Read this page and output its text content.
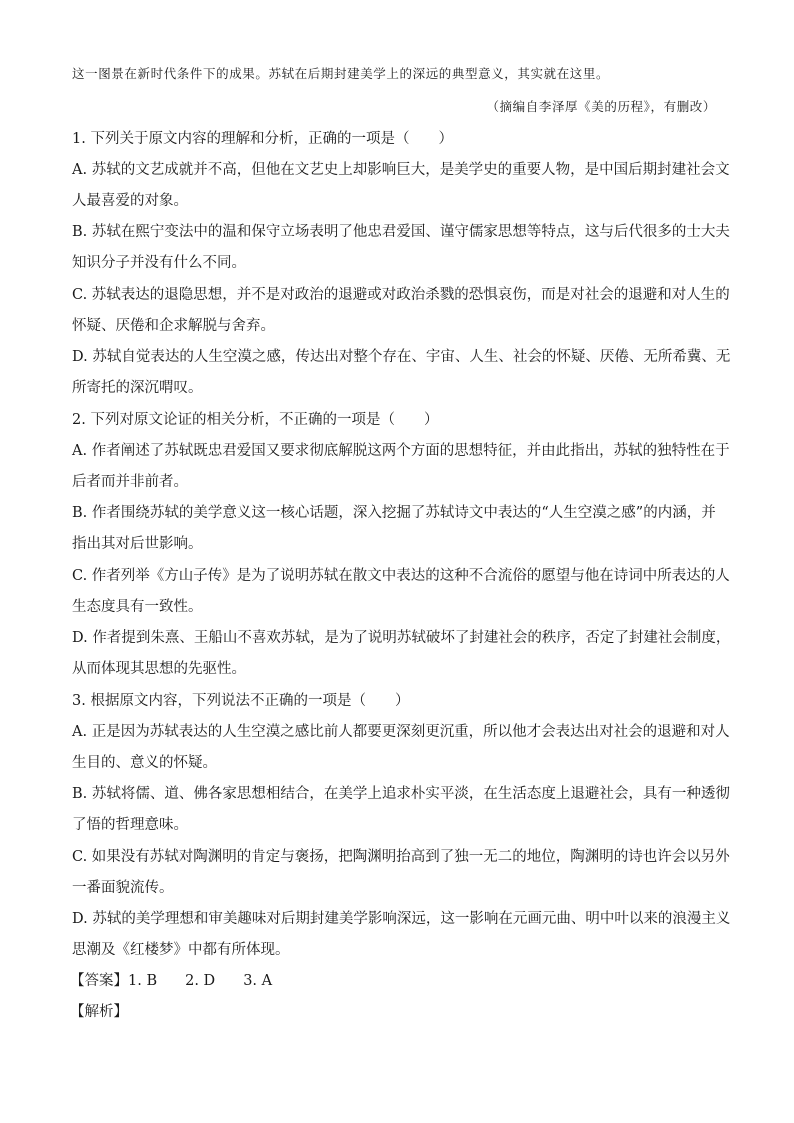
这一图景在新时代条件下的成果。苏轼在后期封建美学上的深远的典型意义，其实就在这里。
（摘编自李泽厚《美的历程》，有删改）
1. 下列关于原文内容的理解和分析，正确的一项是（　　）
A. 苏轼的文艺成就并不高，但他在文艺史上却影响巨大，是美学史的重要人物，是中国后期封建社会文
人最喜爱的对象。
B. 苏轼在熙宁变法中的温和保守立场表明了他忠君爱国、谨守儒家思想等特点，这与后代很多的士大夫
知识分子并没有什么不同。
C. 苏轼表达的退隐思想，并不是对政治的退避或对政治杀戮的恐惧哀伤，而是对社会的退避和对人生的
怀疑、厌倦和企求解脱与舍弃。
D. 苏轼自觉表达的人生空漠之感，传达出对整个存在、宇宙、人生、社会的怀疑、厌倦、无所希冀、无
所寄托的深沉喟叹。
2. 下列对原文论证的相关分析，不正确的一项是（　　）
A. 作者阐述了苏轼既忠君爱国又要求彻底解脱这两个方面的思想特征，并由此指出，苏轼的独特性在于
后者而并非前者。
B. 作者围绕苏轼的美学意义这一核心话题，深入挖掘了苏轼诗文中表达的“人生空漠之感”的内涵，并
指出其对后世影响。
C. 作者列举《方山子传》是为了说明苏轼在散文中表达的这种不合流俗的愿望与他在诗词中所表达的人
生态度具有一致性。
D. 作者提到朱熹、王船山不喜欢苏轼，是为了说明苏轼破坏了封建社会的秩序，否定了封建社会制度，
从而体现其思想的先驱性。
3. 根据原文内容，下列说法不正确的一项是（　　）
A. 正是因为苏轼表达的人生空漠之感比前人都要更深刻更沉重，所以他才会表达出对社会的退避和对人
生目的、意义的怀疑。
B. 苏轼将儒、道、佛各家思想相结合，在美学上追求朴实平淡，在生活态度上退避社会，具有一种透彻
了悟的哲理意味。
C. 如果没有苏轼对陶渊明的肯定与褒扬，把陶渊明抬高到了独一无二的地位，陶渊明的诗也许会以另外
一番面貌流传。
D. 苏轼的美学理想和审美趣味对后期封建美学影响深远，这一影响在元画元曲、明中叶以来的浪漫主义
思潮及《红楼梦》中都有所体现。
【答案】1. B 2. D 3. A
【解析】
